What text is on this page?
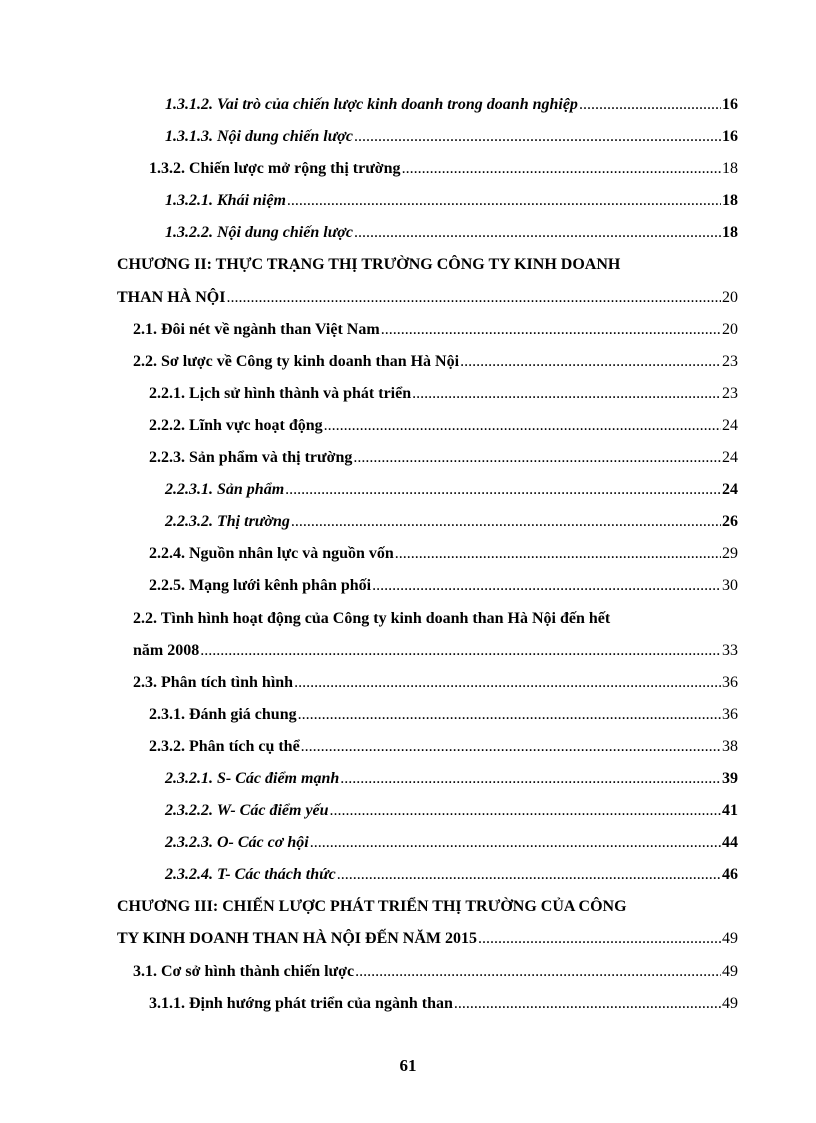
1.3.1.2. Vai trò của chiến lược kinh doanh trong doanh nghiệp .....	16
1.3.1.3. Nội dung chiến lược .....	16
1.3.2. Chiến lược mở rộng thị trường .....	18
1.3.2.1. Khái niệm .....	18
1.3.2.2. Nội dung chiến lược .....	18
CHƯƠNG II: THỰC TRẠNG THỊ TRƯỜNG CÔNG TY KINH DOANH
THAN HÀ NỘI .....	20
2.1. Đôi nét về ngành than Việt Nam .....	20
2.2. Sơ lược về Công ty kinh doanh than Hà Nội .....	23
2.2.1. Lịch sử hình thành và phát triển .....	23
2.2.2. Lĩnh vực hoạt động .....	24
2.2.3. Sản phẩm và thị trường .....	24
2.2.3.1. Sản phẩm .....	24
2.2.3.2. Thị trường .....	26
2.2.4. Nguồn nhân lực và nguồn vốn .....	29
2.2.5. Mạng lưới kênh phân phối .....	30
2.2. Tình hình hoạt động của Công ty kinh doanh than Hà Nội đến hết
năm 2008 .....	33
2.3. Phân tích tình hình .....	36
2.3.1. Đánh giá chung .....	36
2.3.2. Phân tích cụ thể .....	38
2.3.2.1. S- Các điểm mạnh .....	39
2.3.2.2. W- Các điểm yếu .....	41
2.3.2.3. O- Các cơ hội .....	44
2.3.2.4. T- Các thách thức .....	46
CHƯƠNG III: CHIẾN LƯỢC PHÁT TRIỂN THỊ TRƯỜNG CỦA CÔNG
TY KINH DOANH THAN HÀ NỘI ĐẾN NĂM 2015 .....	49
3.1. Cơ sở hình thành chiến lược .....	49
3.1.1. Định hướng phát triển của ngành than .....	49
61
